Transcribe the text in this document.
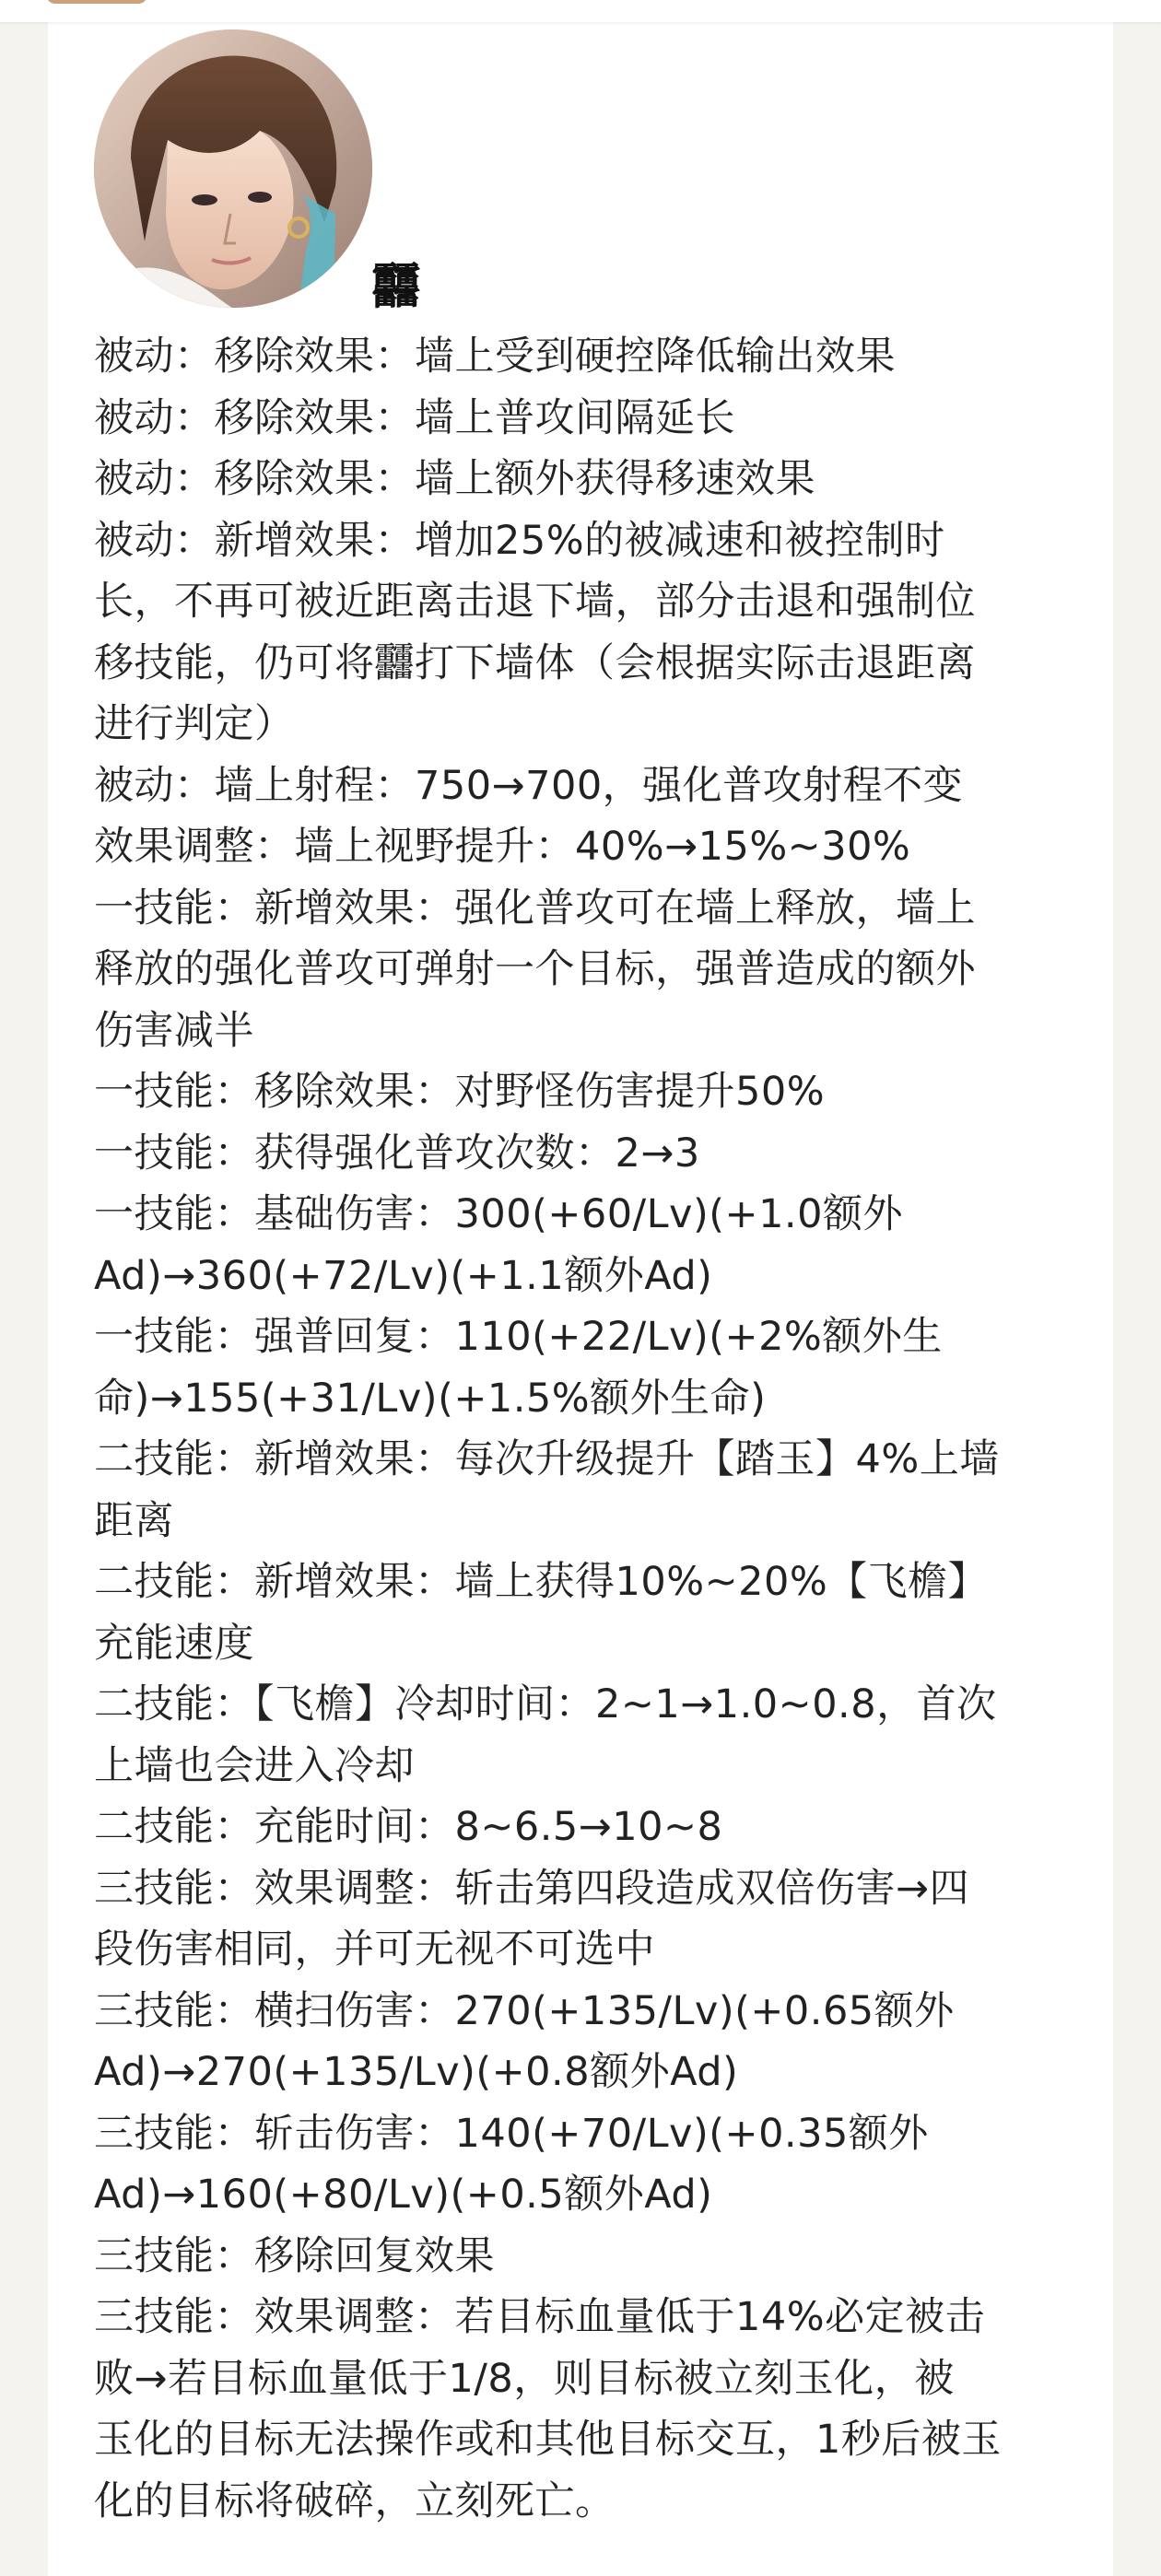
䨻
被动：移除效果：墙上受到硬控降低输出效果
被动：移除效果：墙上普攻间隔延长
被动：移除效果：墙上额外获得移速效果
被动：新增效果：增加25%的被减速和被控制时
长，不再可被近距离击退下墙，部分击退和强制位
移技能，仍可将䨻打下墙体（会根据实际击退距离
进行判定）
被动：墙上射程：750→700，强化普攻射程不变
效果调整：墙上视野提升：40%→15%~30%
一技能：新增效果：强化普攻可在墙上释放，墙上
释放的强化普攻可弹射一个目标，强普造成的额外
伤害减半
一技能：移除效果：对野怪伤害提升50%
一技能：获得强化普攻次数：2→3
一技能：基础伤害：300(+60/Lv)(+1.0额外
Ad)→360(+72/Lv)(+1.1额外Ad)
一技能：强普回复：110(+22/Lv)(+2%额外生
命)→155(+31/Lv)(+1.5%额外生命)
二技能：新增效果：每次升级提升【踏玉】4%上墙
距离
二技能：新增效果：墙上获得10%~20%【飞檐】
充能速度
二技能：【飞檐】冷却时间：2~1→1.0~0.8，首次
上墙也会进入冷却
二技能：充能时间：8~6.5→10~8
三技能：效果调整：斩击第四段造成双倍伤害→四
段伤害相同，并可无视不可选中
三技能：横扫伤害：270(+135/Lv)(+0.65额外
Ad)→270(+135/Lv)(+0.8额外Ad)
三技能：斩击伤害：140(+70/Lv)(+0.35额外
Ad)→160(+80/Lv)(+0.5额外Ad)
三技能：移除回复效果
三技能：效果调整：若目标血量低于14%必定被击
败→若目标血量低于1/8，则目标被立刻玉化，被
玉化的目标无法操作或和其他目标交互，1秒后被玉
化的目标将破碎，立刻死亡。
